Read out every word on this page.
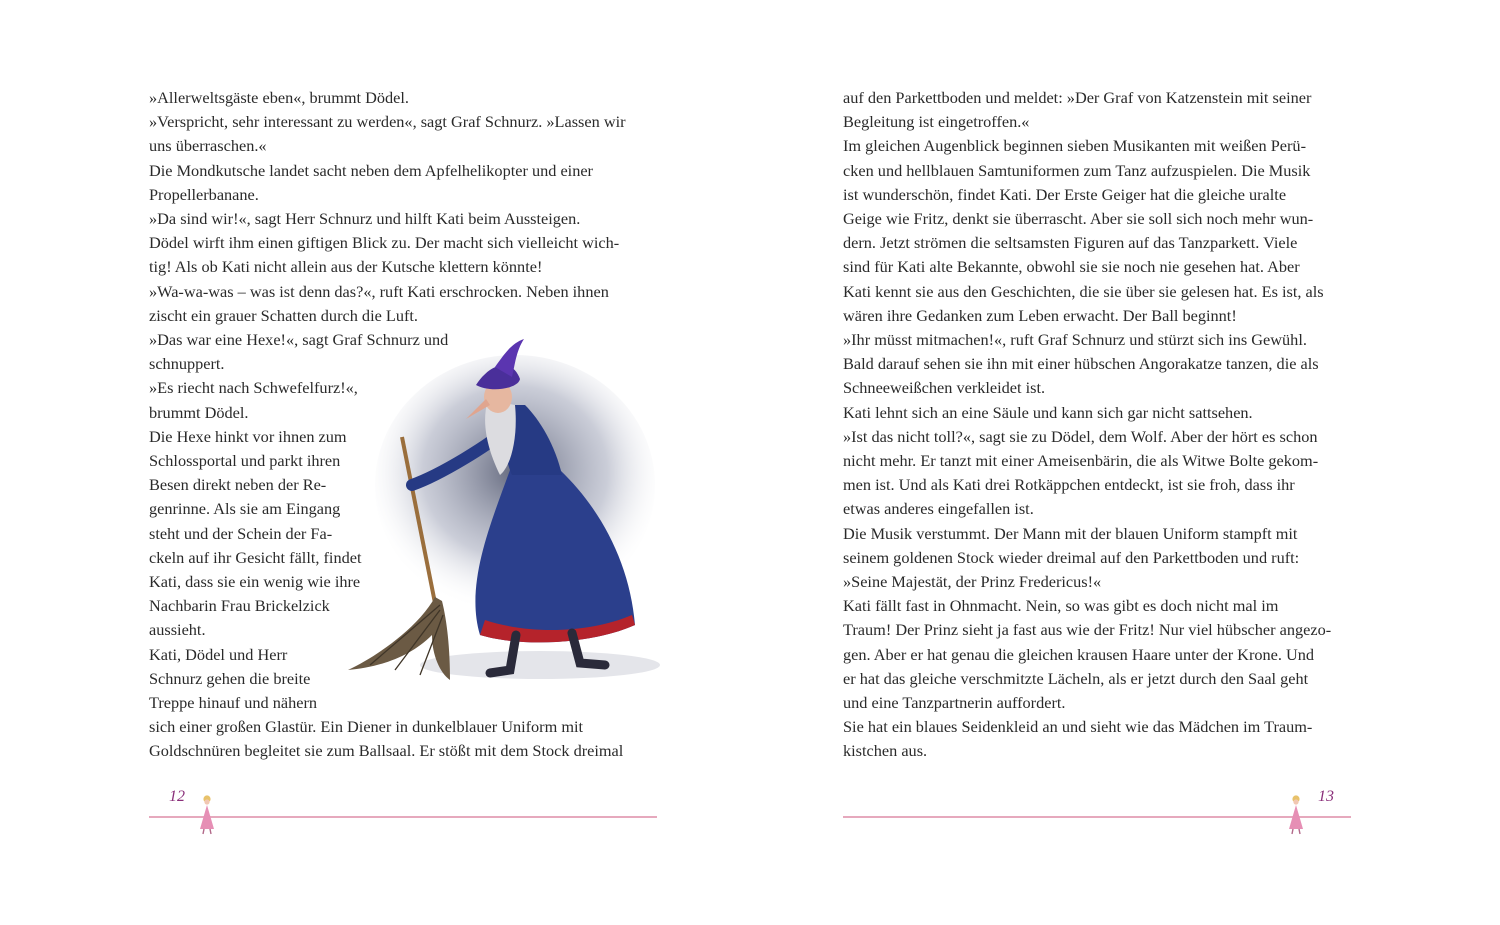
»Allerweltsgäste eben«, brummt Dödel.
»Verspricht, sehr interessant zu werden«, sagt Graf Schnurz. »Lassen wir
uns überraschen.«
Die Mondkutsche landet sacht neben dem Apfelhelikopter und einer
Propellerbanane.
»Da sind wir!«, sagt Herr Schnurz und hilft Kati beim Aussteigen.
Dödel wirft ihm einen giftigen Blick zu. Der macht sich vielleicht wich-
tig! Als ob Kati nicht allein aus der Kutsche klettern könnte!
»Wa-wa-was – was ist denn das?«, ruft Kati erschrocken. Neben ihnen
zischt ein grauer Schatten durch die Luft.
»Das war eine Hexe!«, sagt Graf Schnurz und
schnuppert.
»Es riecht nach Schwefelfurz!«,
brummt Dödel.
Die Hexe hinkt vor ihnen zum
Schlossportal und parkt ihren
Besen direkt neben der Re-
genrinne. Als sie am Eingang
steht und der Schein der Fa-
ckeln auf ihr Gesicht fällt, findet
Kati, dass sie ein wenig wie ihre
Nachbarin Frau Brickelzick
aussieht.
Kati, Dödel und Herr
Schnurz gehen die breite
Treppe hinauf und nähern
sich einer großen Glastür. Ein Diener in dunkelblauer Uniform mit
Goldschnüren begleitet sie zum Ballsaal. Er stößt mit dem Stock dreimal
auf den Parkettboden und meldet: »Der Graf von Katzenstein mit seiner
Begleitung ist eingetroffen.«
Im gleichen Augenblick beginnen sieben Musikanten mit weißen Perü-
cken und hellblauen Samtuniformen zum Tanz aufzuspielen. Die Musik
ist wunderschön, findet Kati. Der Erste Geiger hat die gleiche uralte
Geige wie Fritz, denkt sie überrascht. Aber sie soll sich noch mehr wun-
dern. Jetzt strömen die seltsamsten Figuren auf das Tanzparkett. Viele
sind für Kati alte Bekannte, obwohl sie sie noch nie gesehen hat. Aber
Kati kennt sie aus den Geschichten, die sie über sie gelesen hat. Es ist, als
wären ihre Gedanken zum Leben erwacht. Der Ball beginnt!
»Ihr müsst mitmachen!«, ruft Graf Schnurz und stürzt sich ins Gewühl.
Bald darauf sehen sie ihn mit einer hübschen Angorakatze tanzen, die als
Schneeweißchen verkleidet ist.
Kati lehnt sich an eine Säule und kann sich gar nicht sattsehen.
»Ist das nicht toll?«, sagt sie zu Dödel, dem Wolf. Aber der hört es schon
nicht mehr. Er tanzt mit einer Ameisenbärin, die als Witwe Bolte gekom-
men ist. Und als Kati drei Rotkäppchen entdeckt, ist sie froh, dass ihr
etwas anderes eingefallen ist.
Die Musik verstummt. Der Mann mit der blauen Uniform stampft mit
seinem goldenen Stock wieder dreimal auf den Parkettboden und ruft:
»Seine Majestät, der Prinz Fredericus!«
Kati fällt fast in Ohnmacht. Nein, so was gibt es doch nicht mal im
Traum! Der Prinz sieht ja fast aus wie der Fritz! Nur viel hübscher angezo-
gen. Aber er hat genau die gleichen krausen Haare unter der Krone. Und
er hat das gleiche verschmitzte Lächeln, als er jetzt durch den Saal geht
und eine Tanzpartnerin auffordert.
Sie hat ein blaues Seidenkleid an und sieht wie das Mädchen im Traum-
kistchen aus.
12	13
